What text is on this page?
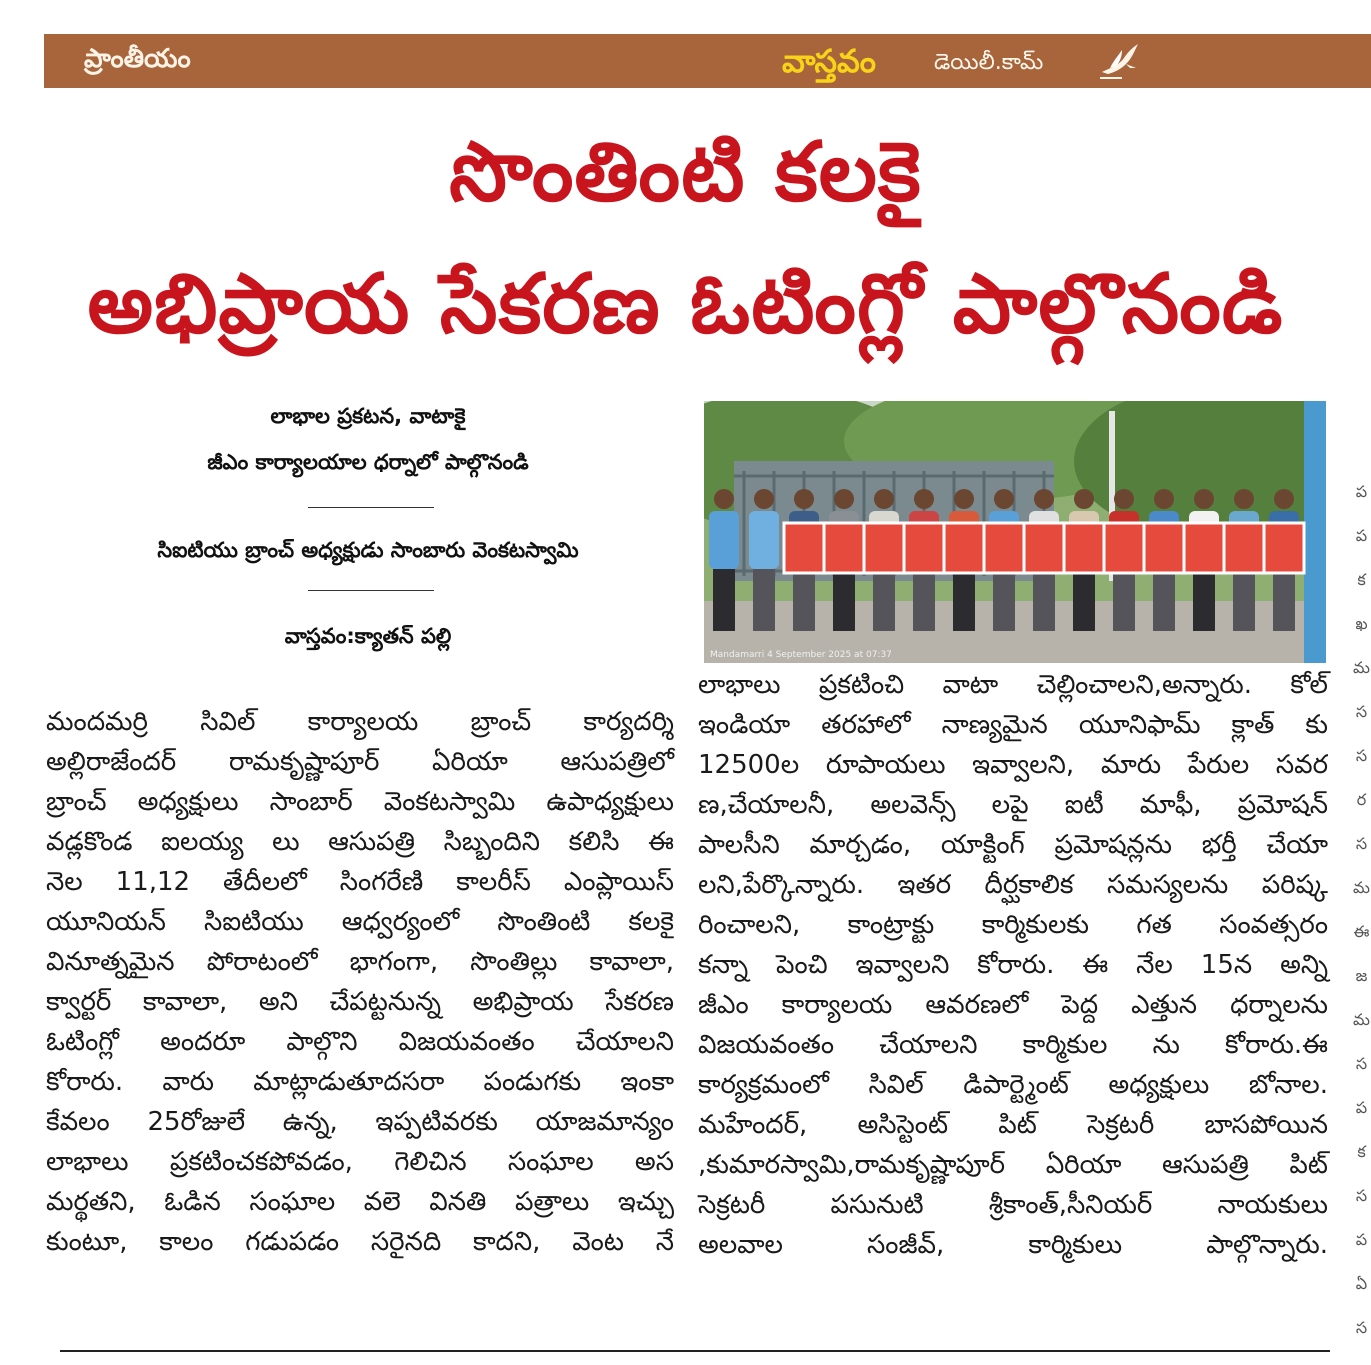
ప్రాంతీయం	వాస్తవం	డెయిలీ.కామ్
సొంతింటి కలకై
అభిప్రాయ సేకరణ ఓటింగ్లో పాల్గొనండి
లాభాల ప్రకటన, వాటాకై
జీఎం కార్యాలయాల ధర్నాలో పాల్గొనండి
సిఐటియు బ్రాంచ్ అధ్యక్షుడు సాంబారు వెంకటస్వామి
వాస్తవం:క్యాతన్ పల్లి

మందమర్రి సివిల్ కార్యాలయ బ్రాంచ్ కార్యదర్శి

అల్లిరాజేందర్ రామకృష్ణాపూర్ ఏరియా ఆసుపత్రిలో

బ్రాంచ్ అధ్యక్షులు సాంబార్ వెంకటస్వామి ఉపాధ్యక్షులు

వడ్లకొండ ఐలయ్య లు ఆసుపత్రి సిబ్బందిని కలిసి ఈ

నెల 11,12 తేదీలలో సింగరేణి కాలరీస్ ఎంప్లాయిస్

యూనియన్ సిఐటియు ఆధ్వర్యంలో సొంతింటి కలకై

వినూత్నమైన పోరాటంలో భాగంగా, సొంతిల్లు కావాలా,

క్వార్టర్ కావాలా, అని చేపట్టనున్న అభిప్రాయ సేకరణ

ఓటింగ్లో అందరూ పాల్గొని విజయవంతం చేయాలని

కోరారు. వారు మాట్లాడుతూదసరా పండుగకు ఇంకా

కేవలం 25రోజులే ఉన్న, ఇప్పటివరకు యాజమాన్యం

లాభాలు ప్రకటించకపోవడం, గెలిచిన సంఘాల అస

మర్థతని, ఓడిన సంఘాల వలె వినతి పత్రాలు ఇచ్చు

కుంటూ, కాలం గడుపడం సరైనది కాదని, వెంట నే

Mandamarri 4 September 2025 at 07:37

లాభాలు ప్రకటించి వాటా చెల్లించాలని,అన్నారు. కోల్

ఇండియా తరహాలో నాణ్యమైన యూనిఫామ్ క్లాత్ కు

12500ల రూపాయలు ఇవ్వాలని, మారు పేరుల సవర

ణ,చేయాలనీ, అలవెన్స్ లపై ఐటీ మాఫీ, ప్రమోషన్

పాలసీని మార్చడం, యాక్టింగ్ ప్రమోషన్లను భర్తీ చేయా

లని,పేర్కొన్నారు. ఇతర దీర్ఘకాలిక సమస్యలను పరిష్క

రించాలని, కాంట్రాక్టు కార్మికులకు గత సంవత్సరం

కన్నా పెంచి ఇవ్వాలని కోరారు. ఈ నేల 15న అన్ని

జీఎం కార్యాలయ ఆవరణలో పెద్ద ఎత్తున ధర్నాలను

విజయవంతం చేయాలని కార్మికుల ను కోరారు.ఈ

కార్యక్రమంలో సివిల్ డిపార్ట్మెంట్ అధ్యక్షులు బోనాల.

మహేందర్, అసిస్టెంట్ పిట్ సెక్రటరీ బాసపోయిన

,కుమారస్వామి,రామకృష్ణాపూర్ ఏరియా ఆసుపత్రి పిట్

సెక్రటరీ పసునుటి శ్రీకాంత్,సీనియర్ నాయకులు

అలవాల సంజీవ్, కార్మికులు పాల్గొన్నారు.

ప
ప
క
ఖ
మ
స
స
ర
స
మ
ఈ
జ
మ
స
ప
క
స
ప
ఏ
స
